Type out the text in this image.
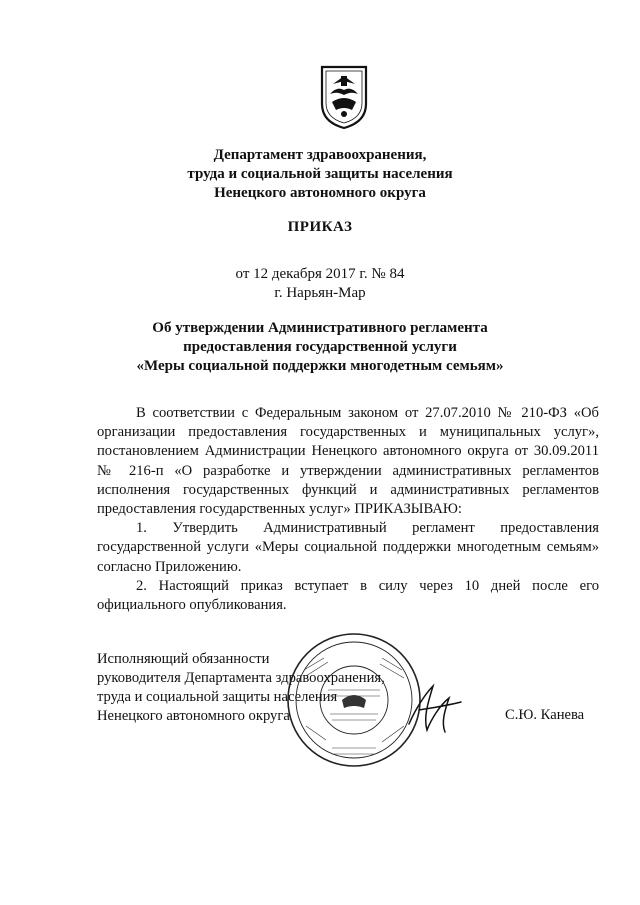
Департамент здравоохранения,
труда и социальной защиты населения
Ненецкого автономного округа
ПРИКАЗ
от 12 декабря 2017 г. № 84
г. Нарьян-Мар
Об утверждении Административного регламента
предоставления государственной услуги
«Меры социальной поддержки многодетным семьям»

В соответствии с Федеральным законом от 27.07.2010 № 210-ФЗ «Об организации предоставления государственных и муниципальных услуг», постановлением Администрации Ненецкого автономного округа от 30.09.2011 № 216-п «О разработке и утверждении административных регламентов исполнения государственных функций и административных регламентов предоставления государственных услуг» ПРИКАЗЫВАЮ:

1. Утвердить Административный регламент предоставления государственной услуги «Меры социальной поддержки многодетным семьям» согласно Приложению.

2. Настоящий приказ вступает в силу через 10 дней после его официального опубликования.

Исполняющий обязанности
руководителя Департамента здравоохранения,
труда и социальной защиты населения
Ненецкого автономного округа	С.Ю. Канева
